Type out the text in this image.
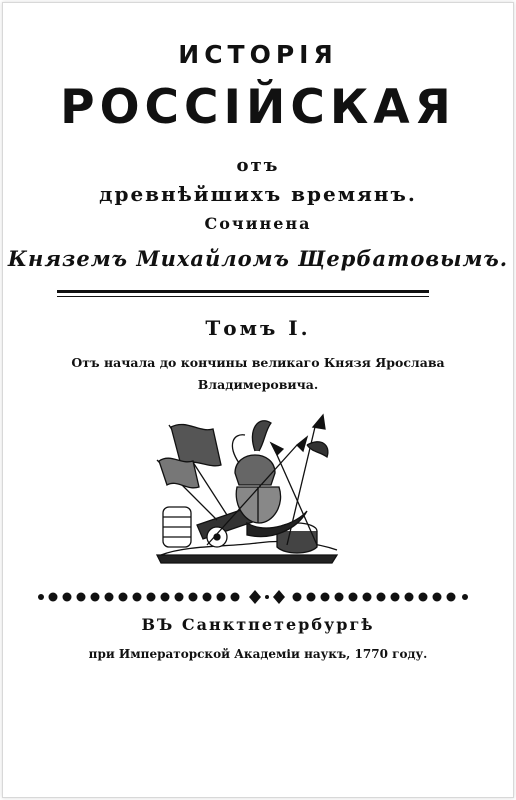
ИСТОРІЯ
РОССІЙСКАЯ
отъ
древнѣйшихъ времянъ.
Сочинена
Княземъ Михайломъ Щербатовымъ.
Томъ I.
Отъ начала до кончины великаго Князя Ярослава
Владимеровича.
ВЪ Санктпетербургѣ
при Императорской Академіи наукъ, 1770 году.
